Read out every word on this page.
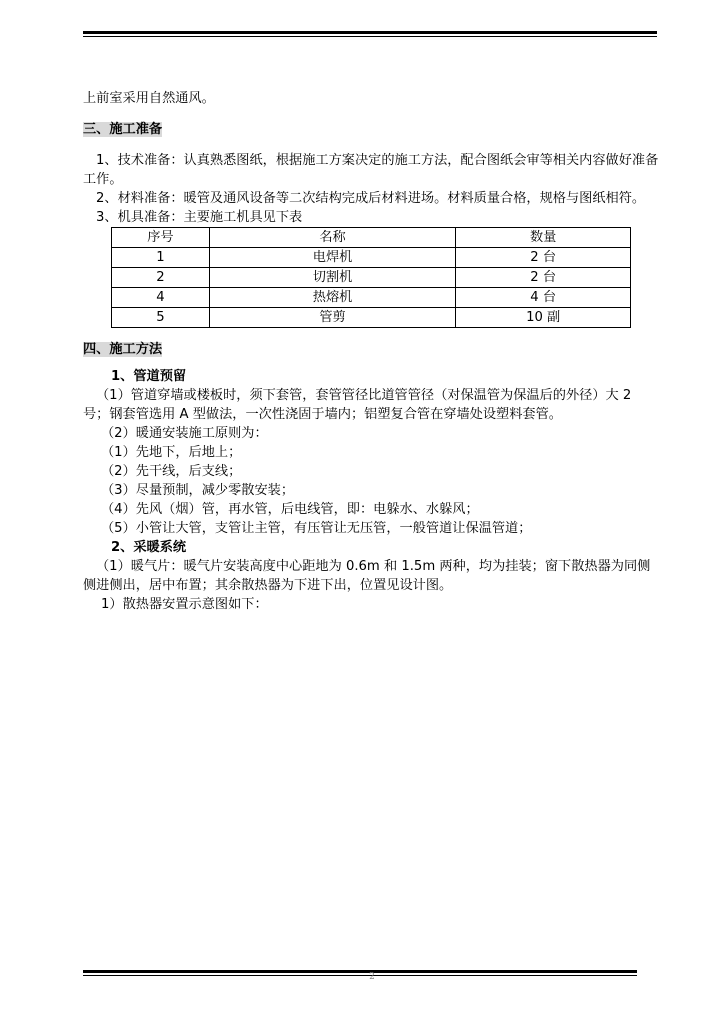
上前室采用自然通风。

三、施工准备

1、技术准备：认真熟悉图纸，根据施工方案决定的施工方法，配合图纸会审等相关内容做好准备工作。

2、材料准备：暖管及通风设备等二次结构完成后材料进场。材料质量合格，规格与图纸相符。

3、机具准备：主要施工机具见下表

序号	名称	数量
1	电焊机	2 台
2	切割机	2 台
4	热熔机	4 台
5	管剪	10 副

四、施工方法

1、管道预留

（1）管道穿墙或楼板时，须下套管，套管管径比道管管径（对保温管为保温后的外径）大 2 号；钢套管选用 A 型做法，一次性浇固于墙内；铝塑复合管在穿墙处设塑料套管。

（2）暖通安装施工原则为：

（1）先地下，后地上；

（2）先干线，后支线；

（3）尽量预制，减少零散安装；

（4）先风（烟）管，再水管，后电线管，即：电躲水、水躲风；

（5）小管让大管，支管让主管，有压管让无压管，一般管道让保温管道；

2、采暖系统

（1）暖气片：暖气片安装高度中心距地为 0.6m 和 1.5m 两种，均为挂装；窗下散热器为同侧侧进侧出，居中布置；其余散热器为下进下出，位置见设计图。

1）散热器安置示意图如下：

2
